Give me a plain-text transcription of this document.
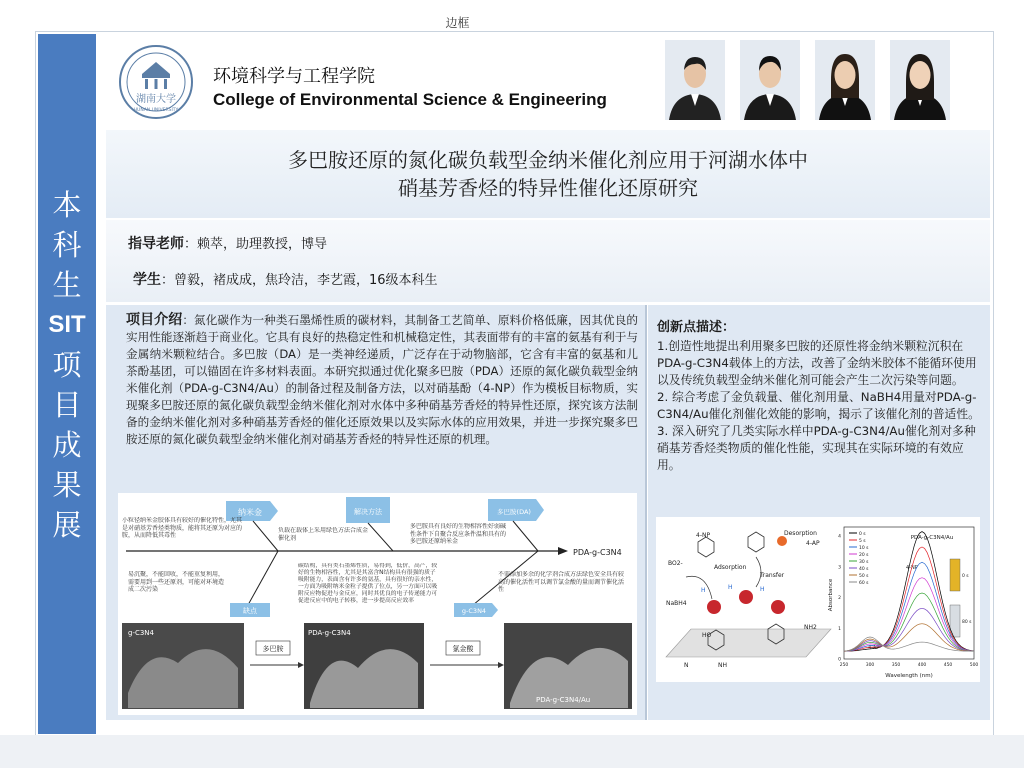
边框
本
科
生
SIT
项
目
成
果
展
湖南大学
HUNAN UNIVERSITY
环境科学与工程学院
College of Environmental Science & Engineering
多巴胺还原的氮化碳负载型金纳米催化剂应用于河湖水体中
硝基芳香烃的特异性催化还原研究
指导老师：赖萃，助理教授，博导
学生：曾毅，褚成成，焦玲洁，李艺霞，16级本科生
项目介绍：氮化碳作为一种类石墨烯性质的碳材料，其制备工艺简单、原料价格低廉，因其优良的实用性能逐渐趋于商业化。它具有良好的热稳定性和机械稳定性，其表面带有的丰富的氨基有利于与金属纳米颗粒结合。多巴胺（DA）是一类神经递质，广泛存在于动物脑部，它含有丰富的氨基和儿茶酚基团，可以锚固在许多材料表面。本研究拟通过优化聚多巴胺（PDA）还原的氮化碳负载型金纳米催化剂（PDA-g-C3N4/Au）的制备过程及制备方法，以对硝基酚（4-NP）作为模板目标物质，实现聚多巴胺还原的氮化碳负载型金纳米催化剂对水体中多种硝基芳香烃的特异性还原，探究该方法制备的金纳米催化剂对多种硝基芳香烃的催化还原效果以及实际水体的应用效果，并进一步探究聚多巴胺还原的氮化碳负载型金纳米催化剂对硝基芳香烃的特异性还原的机理。
创新点描述：

1.创造性地提出利用聚多巴胺的还原性将金纳米颗粒沉积在PDA-g-C3N4载体上的方法，改善了金纳米胶体不能循环使用以及传统负载型金纳米催化剂可能会产生二次污染等问题。

2. 综合考虑了金负载量、催化剂用量、NaBH4用量对PDA-g-C3N4/Au催化剂催化效能的影响，揭示了该催化剂的普适性。

3. 深入研究了几类实际水样中PDA-g-C3N4/Au催化剂对多种硝基芳香烃类物质的催化性能，实现其在实际环境的有效应用。

纳米金	解决方法	多巴胺(DA)
PDA-g-C3N4
小粒径纳米金胶体具有较好的催化特性，尤其是对硝基芳香烃类物质，能将其还原为对应的胺，从而降低其毒性
负载在载体上采用绿色方法合成金催化剂
多巴胺具有良好的生物相容性好弱碱性条件下自聚合反应条件温和具有的多巴胺还原纳米金
易沉聚，不能回收，不能重复利用，需要用到一些还原剂，可能对环境造成二次污染
碳结构，具有类石墨烯性质，易得到，低价，高产，较好的生物相容性，尤其是其富含N结构具有很强的质子吸附能力，表面含有许多的氨基，具有很好的亲水性，一方面为吸附纳米金粒子提供了位点，另一方面可以吸附反应物促进与金反应，同时其优良的电子传递能力可促进反应中的电子转移，进一步提高反应效率
不需添加多余的化学剂合成方法绿色安全具有较高的催化活性可以调节氯金酸的量而调节催化活性
缺点	g-C3N4
g-C3N4	PDA-g-C3N4
PDA-g-C3N4/Au
多巴胺	氯金酸
4-NP	Desorption
4-AP
BO2-
NaBH4
Adsorption
Transfer
HO
NH2
NH
N
H	H	H
PDA-g-C3N4/Au
Wavelength (nm)
Absorbance
4-NP
4-AP
0 s
80 s
0 s
5 s
10 s
20 s
30 s
40 s
50 s
60 s
250	300	350	400	450	500
0
1
2
3
4
